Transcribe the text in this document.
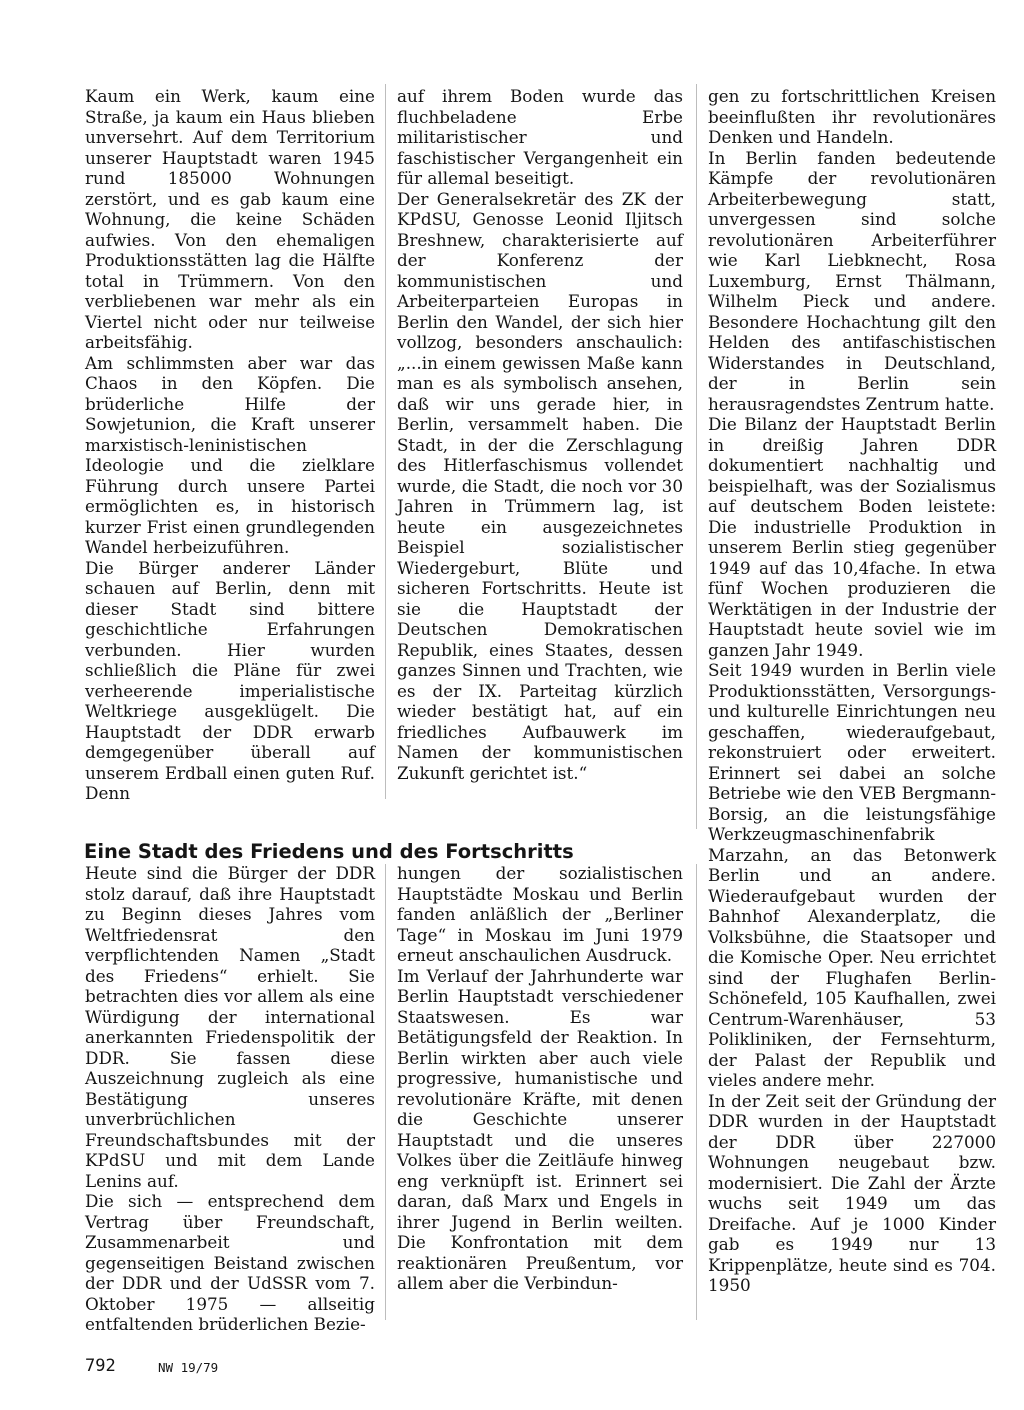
Kaum ein Werk, kaum eine Straße, ja kaum ein Haus blieben unversehrt. Auf dem Territorium unserer Hauptstadt waren 1945 rund 185000 Wohnungen zerstört, und es gab kaum eine Wohnung, die keine Schäden aufwies. Von den ehemaligen Produktionsstätten lag die Hälfte total in Trümmern. Von den verbliebenen war mehr als ein Viertel nicht oder nur teilweise arbeitsfähig.

Am schlimmsten aber war das Chaos in den Köpfen. Die brüderliche Hilfe der Sowjetunion, die Kraft unserer marxistisch-leninistischen Ideologie und die zielklare Führung durch unsere Partei ermöglichten es, in historisch kurzer Frist einen grundlegenden Wandel herbeizuführen.

Die Bürger anderer Länder schauen auf Berlin, denn mit dieser Stadt sind bittere geschichtliche Erfahrungen verbunden. Hier wurden schließlich die Pläne für zwei verheerende imperialistische Weltkriege ausgeklügelt. Die Hauptstadt der DDR erwarb demgegenüber überall auf unserem Erdball einen guten Ruf. Denn

auf ihrem Boden wurde das fluchbeladene Erbe militaristischer und faschistischer Vergangenheit ein für allemal beseitigt.

Der Generalsekretär des ZK der KPdSU, Genosse Leonid Iljitsch Breshnew, charakterisierte auf der Konferenz der kommunistischen und Arbeiterparteien Europas in Berlin den Wandel, der sich hier vollzog, besonders anschaulich: „...in einem gewissen Maße kann man es als symbolisch ansehen, daß wir uns gerade hier, in Berlin, versammelt haben. Die Stadt, in der die Zerschlagung des Hitlerfaschismus vollendet wurde, die Stadt, die noch vor 30 Jahren in Trümmern lag, ist heute ein ausgezeichnetes Beispiel sozialistischer Wiedergeburt, Blüte und sicheren Fortschritts. Heute ist sie die Hauptstadt der Deutschen Demokratischen Republik, eines Staates, dessen ganzes Sinnen und Trachten, wie es der IX. Parteitag kürzlich wieder bestätigt hat, auf ein friedliches Aufbauwerk im Namen der kommunistischen Zukunft gerichtet ist.“

gen zu fortschrittlichen Kreisen beeinflußten ihr revolutionäres Denken und Handeln.

In Berlin fanden bedeutende Kämpfe der revolutionären Arbeiterbewegung statt, unvergessen sind solche revolutionären Arbeiterführer wie Karl Liebknecht, Rosa Luxemburg, Ernst Thälmann, Wilhelm Pieck und andere. Besondere Hochachtung gilt den Helden des antifaschistischen Widerstandes in Deutschland, der in Berlin sein herausragendstes Zentrum hatte.

Die Bilanz der Hauptstadt Berlin in dreißig Jahren DDR dokumentiert nachhaltig und beispielhaft, was der Sozialismus auf deutschem Boden leistete: Die industrielle Produktion in unserem Berlin stieg gegenüber 1949 auf das 10,4fache. In etwa fünf Wochen produzieren die Werktätigen in der Industrie der Hauptstadt heute soviel wie im ganzen Jahr 1949.

Seit 1949 wurden in Berlin viele Produktionsstätten, Versorgungs- und kulturelle Einrichtungen neu geschaffen, wiederaufgebaut, rekonstruiert oder erweitert. Erinnert sei dabei an solche Betriebe wie den VEB Bergmann-Borsig, an die leistungsfähige Werkzeugmaschinenfabrik Marzahn, an das Betonwerk Berlin und an andere. Wiederaufgebaut wurden der Bahnhof Alexanderplatz, die Volksbühne, die Staatsoper und die Komische Oper. Neu errichtet sind der Flughafen Berlin-Schönefeld, 105 Kaufhallen, zwei Centrum-Warenhäuser, 53 Polikliniken, der Fernsehturm, der Palast der Republik und vieles andere mehr.

In der Zeit seit der Gründung der DDR wurden in der Hauptstadt der DDR über 227000 Wohnungen neugebaut bzw. modernisiert. Die Zahl der Ärzte wuchs seit 1949 um das Dreifache. Auf je 1000 Kinder gab es 1949 nur 13 Krippenplätze, heute sind es 704. 1950

Eine Stadt des Friedens und des Fortschritts

Heute sind die Bürger der DDR stolz darauf, daß ihre Hauptstadt zu Beginn dieses Jahres vom Weltfriedensrat den verpflichtenden Namen „Stadt des Friedens“ erhielt. Sie betrachten dies vor allem als eine Würdigung der international anerkannten Friedenspolitik der DDR. Sie fassen diese Auszeichnung zugleich als eine Bestätigung unseres unverbrüchlichen Freundschaftsbundes mit der KPdSU und mit dem Lande Lenins auf.

Die sich — entsprechend dem Vertrag über Freundschaft, Zusammenarbeit und gegenseitigen Beistand zwischen der DDR und der UdSSR vom 7. Oktober 1975 — allseitig entfaltenden brüderlichen Bezie-

hungen der sozialistischen Hauptstädte Moskau und Berlin fanden anläßlich der „Berliner Tage“ in Moskau im Juni 1979 erneut anschaulichen Ausdruck.

Im Verlauf der Jahrhunderte war Berlin Hauptstadt verschiedener Staatswesen. Es war Betätigungsfeld der Reaktion. In Berlin wirkten aber auch viele progressive, humanistische und revolutionäre Kräfte, mit denen die Geschichte unserer Hauptstadt und die unseres Volkes über die Zeitläufe hinweg eng verknüpft ist. Erinnert sei daran, daß Marx und Engels in ihrer Jugend in Berlin weilten. Die Konfrontation mit dem reaktionären Preußentum, vor allem aber die Verbindun-

792	NW 19/79
